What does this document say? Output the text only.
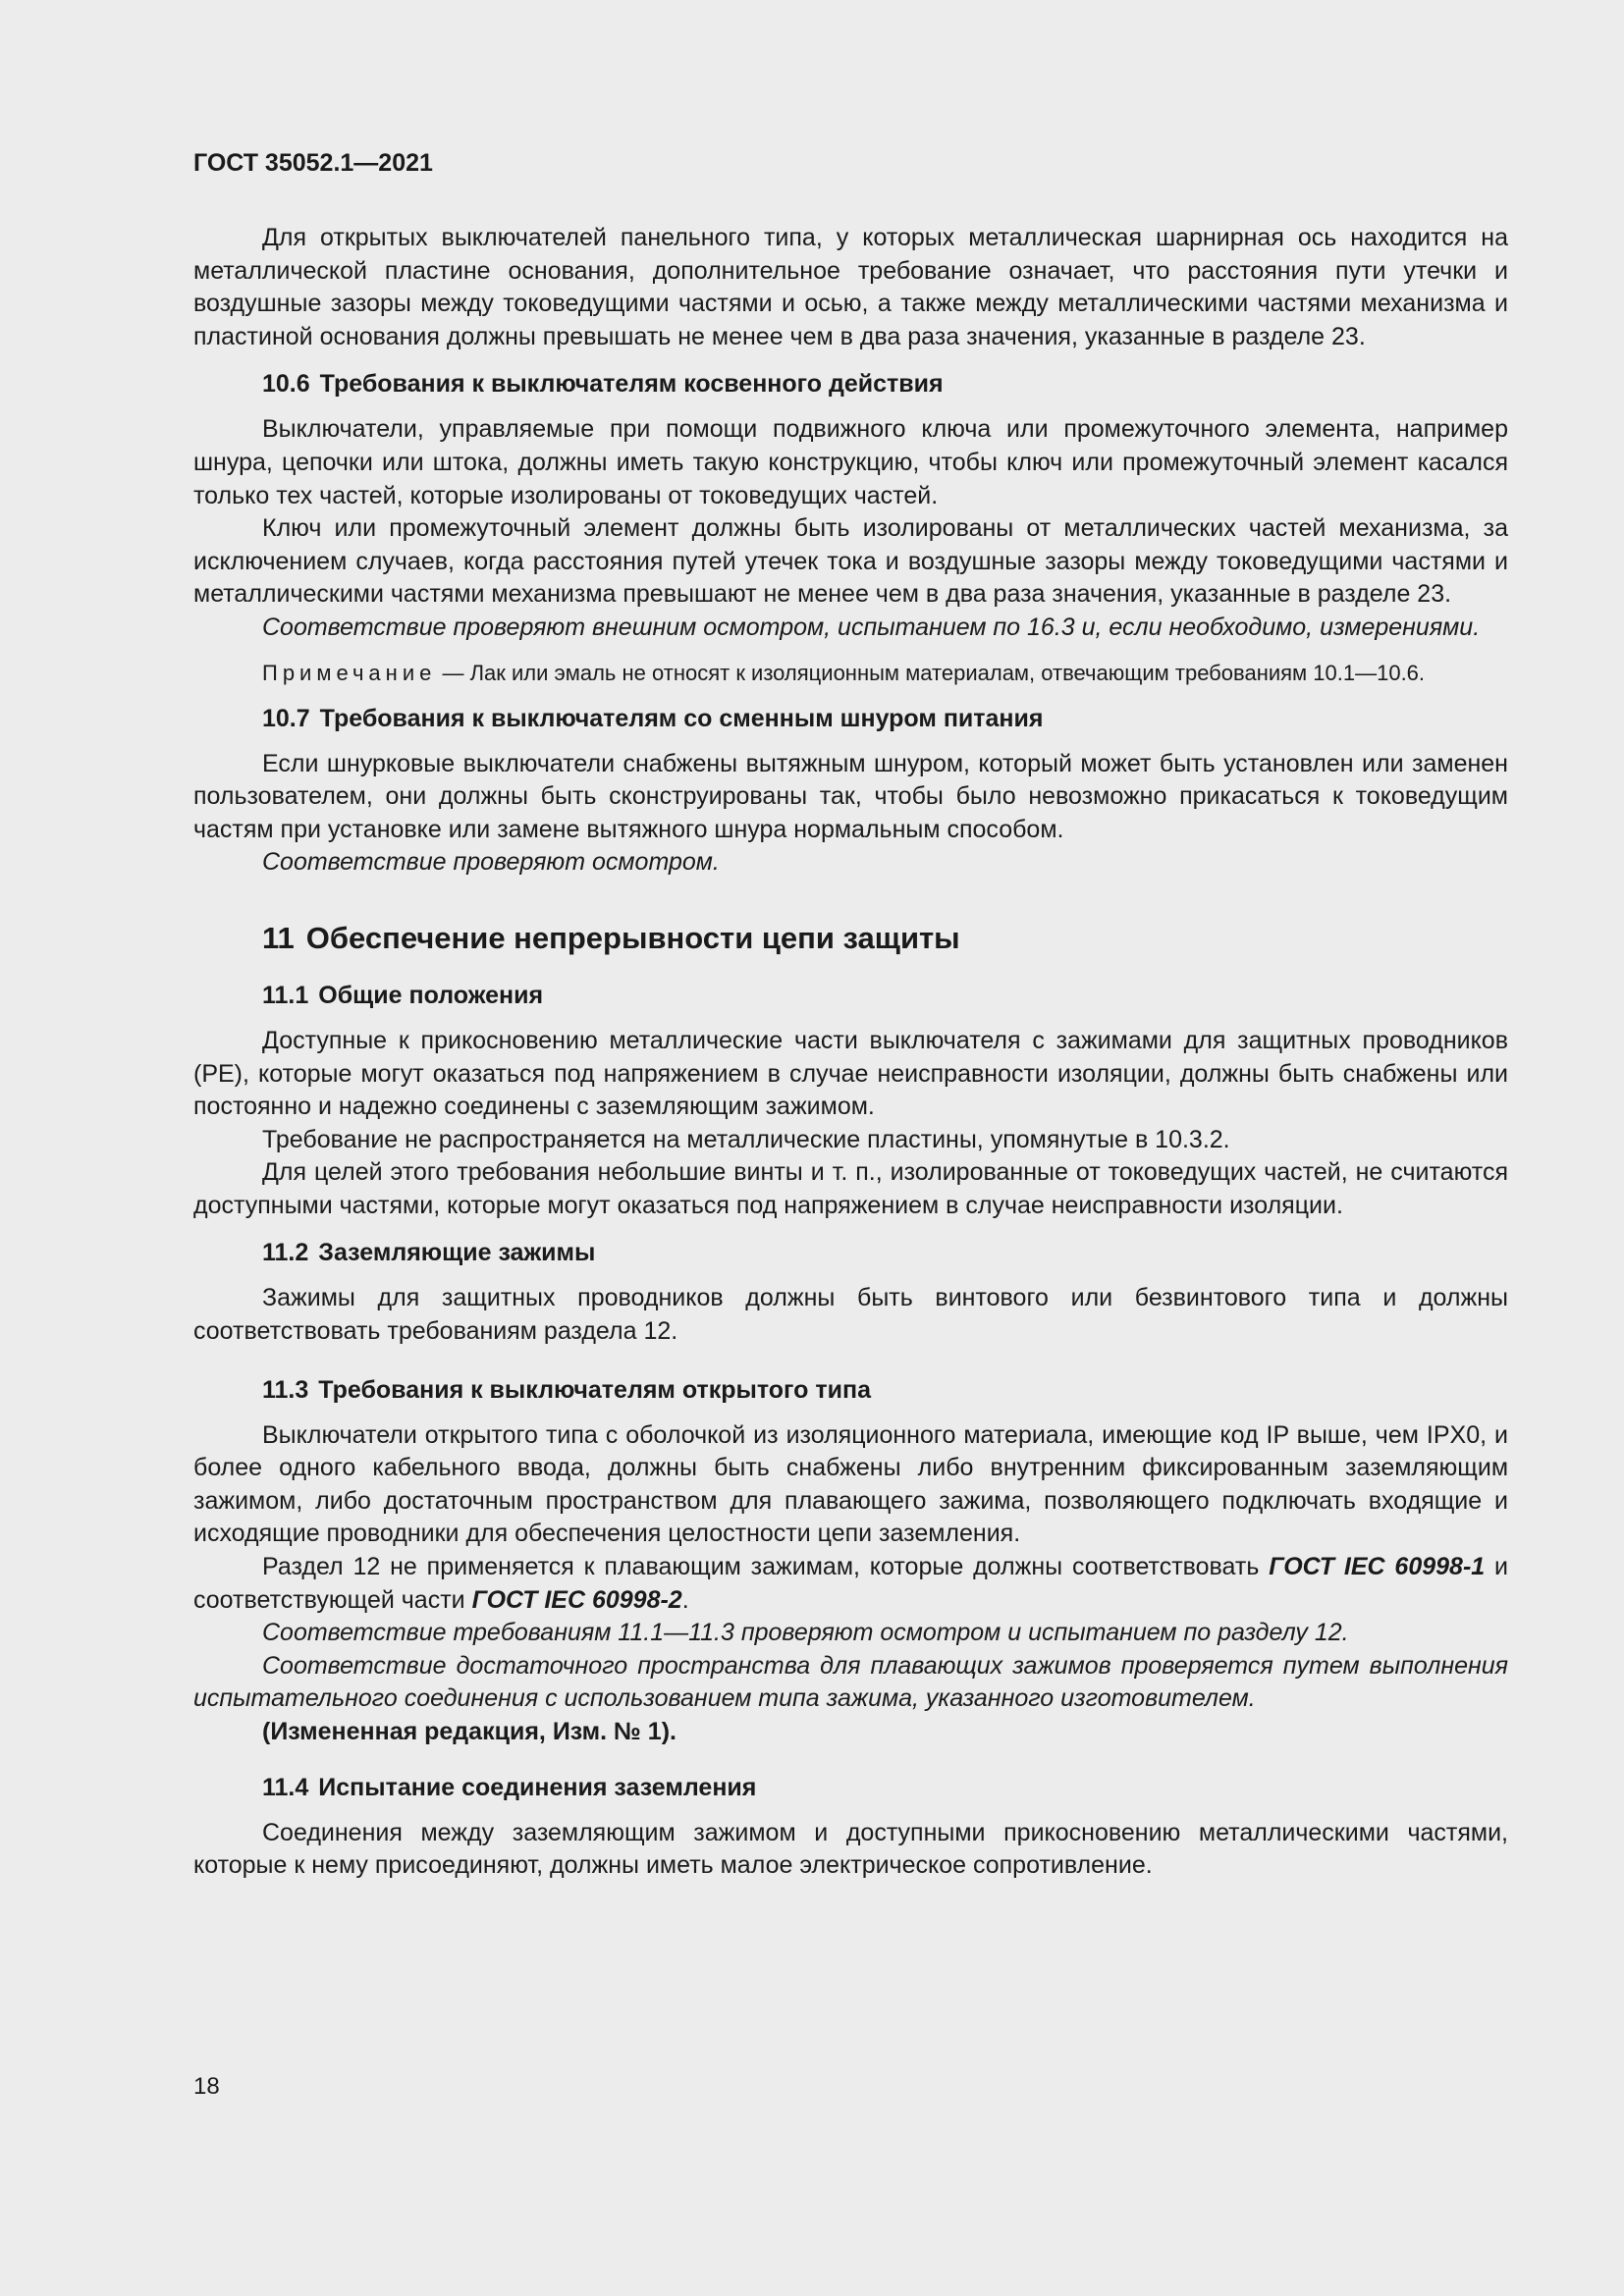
ГОСТ 35052.1—2021

Для открытых выключателей панельного типа, у которых металлическая шарнирная ось находится на металлической пластине основания, дополнительное требование означает, что расстояния пути утечки и воздушные зазоры между токоведущими частями и осью, а также между металлическими частями механизма и пластиной основания должны превышать не менее чем в два раза значения, указанные в разделе 23.

10.6 Требования к выключателям косвенного действия

Выключатели, управляемые при помощи подвижного ключа или промежуточного элемента, например шнура, цепочки или штока, должны иметь такую конструкцию, чтобы ключ или промежуточный элемент касался только тех частей, которые изолированы от токоведущих частей.

Ключ или промежуточный элемент должны быть изолированы от металлических частей механизма, за исключением случаев, когда расстояния путей утечек тока и воздушные зазоры между токоведущими частями и металлическими частями механизма превышают не менее чем в два раза значения, указанные в разделе 23.

Соответствие проверяют внешним осмотром, испытанием по 16.3 и, если необходимо, измерениями.

Примечание — Лак или эмаль не относят к изоляционным материалам, отвечающим требованиям 10.1—10.6.

10.7 Требования к выключателям со сменным шнуром питания

Если шнурковые выключатели снабжены вытяжным шнуром, который может быть установлен или заменен пользователем, они должны быть сконструированы так, чтобы было невозможно прикасаться к токоведущим частям при установке или замене вытяжного шнура нормальным способом.

Соответствие проверяют осмотром.

11 Обеспечение непрерывности цепи защиты
11.1 Общие положения

Доступные к прикосновению металлические части выключателя с зажимами для защитных проводников (PE), которые могут оказаться под напряжением в случае неисправности изоляции, должны быть снабжены или постоянно и надежно соединены с заземляющим зажимом.

Требование не распространяется на металлические пластины, упомянутые в 10.3.2.

Для целей этого требования небольшие винты и т. п., изолированные от токоведущих частей, не считаются доступными частями, которые могут оказаться под напряжением в случае неисправности изоляции.

11.2 Заземляющие зажимы

Зажимы для защитных проводников должны быть винтового или безвинтового типа и должны соответствовать требованиям раздела 12.

11.3 Требования к выключателям открытого типа

Выключатели открытого типа с оболочкой из изоляционного материала, имеющие код IP выше, чем IPX0, и более одного кабельного ввода, должны быть снабжены либо внутренним фиксированным заземляющим зажимом, либо достаточным пространством для плавающего зажима, позволяющего подключать входящие и исходящие проводники для обеспечения целостности цепи заземления.

Раздел 12 не применяется к плавающим зажимам, которые должны соответствовать ГОСТ IEC 60998-1 и соответствующей части ГОСТ IEC 60998-2.

Соответствие требованиям 11.1—11.3 проверяют осмотром и испытанием по разделу 12.

Соответствие достаточного пространства для плавающих зажимов проверяется путем выполнения испытательного соединения с использованием типа зажима, указанного изготовителем.

(Измененная редакция, Изм. № 1).

11.4 Испытание соединения заземления

Соединения между заземляющим зажимом и доступными прикосновению металлическими частями, которые к нему присоединяют, должны иметь малое электрическое сопротивление.

18
